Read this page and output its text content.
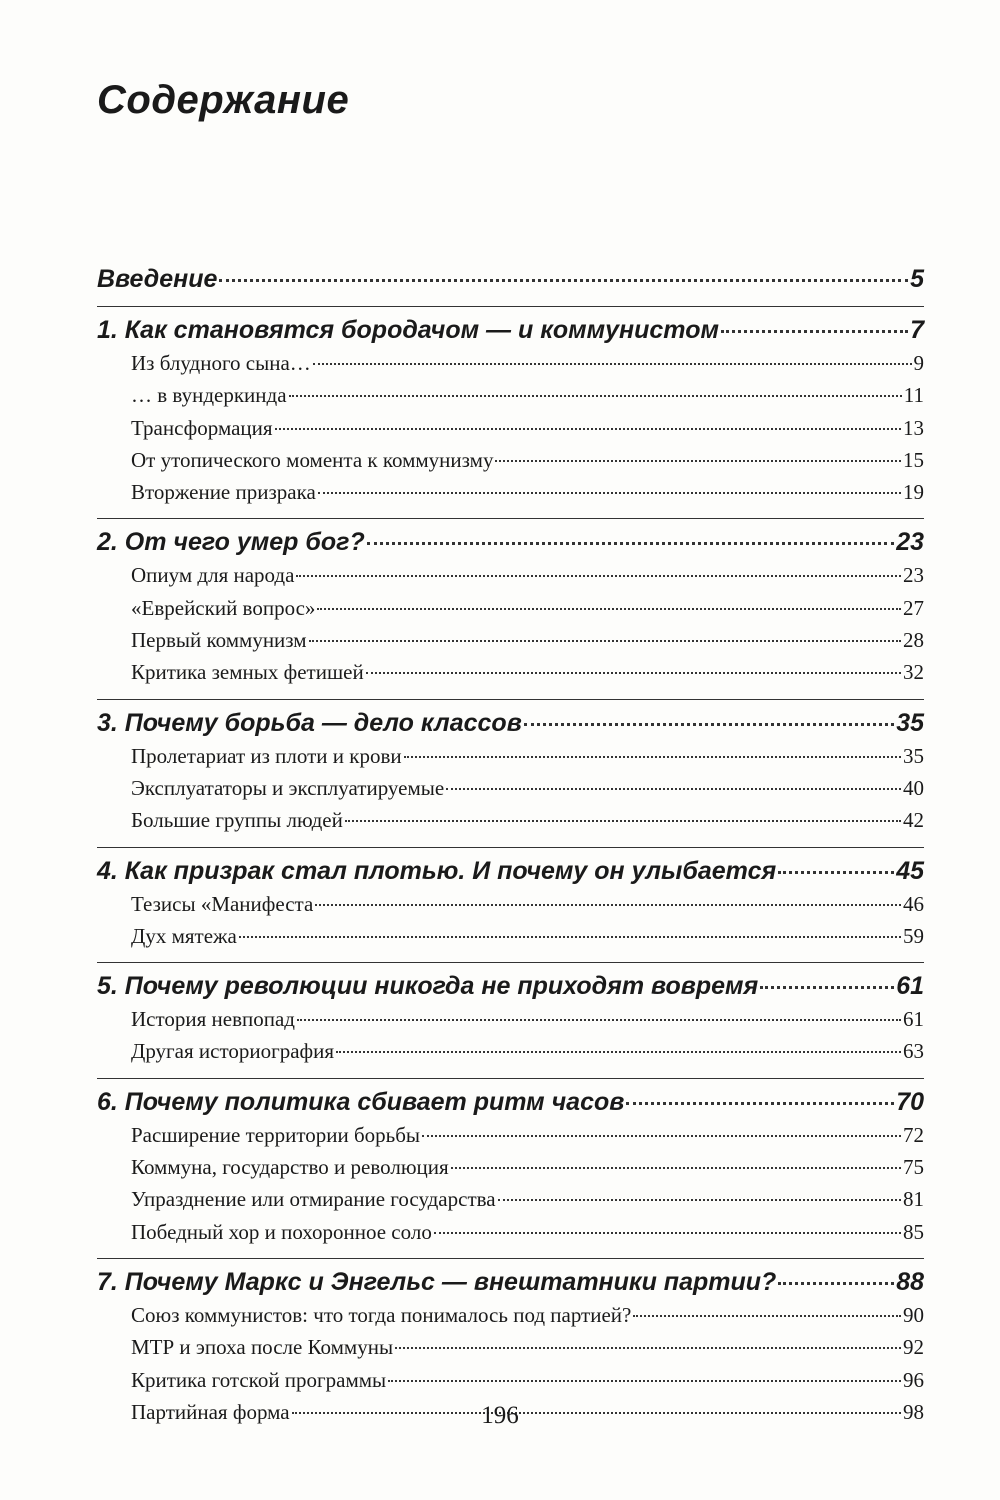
Содержание
Введение	5
1. Как становятся бородачом — и коммунистом	7
Из блудного сына…	9
… в вундеркинда	11
Трансформация	13
От утопического момента к коммунизму	15
Вторжение призрака	19
2. От чего умер бог?	23
Опиум для народа	23
«Еврейский вопрос»	27
Первый коммунизм	28
Критика земных фетишей	32
3. Почему борьба — дело классов	35
Пролетариат из плоти и крови	35
Эксплуататоры и эксплуатируемые	40
Большие группы людей	42
4. Как призрак стал плотью. И почему он улыбается	45
Тезисы «Манифеста	46
Дух мятежа	59
5. Почему революции никогда не приходят вовремя	61
История невпопад	61
Другая историография	63
6. Почему политика сбивает ритм часов	70
Расширение территории борьбы	72
Коммуна, государство и революция	75
Упразднение или отмирание государства	81
Победный хор и похоронное соло	85
7. Почему Маркс и Энгельс — внештатники партии?	88
Союз коммунистов: что тогда понималось под партией?	90
МТР и эпоха после Коммуны	92
Критика готской программы	96
Партийная форма	98
196
